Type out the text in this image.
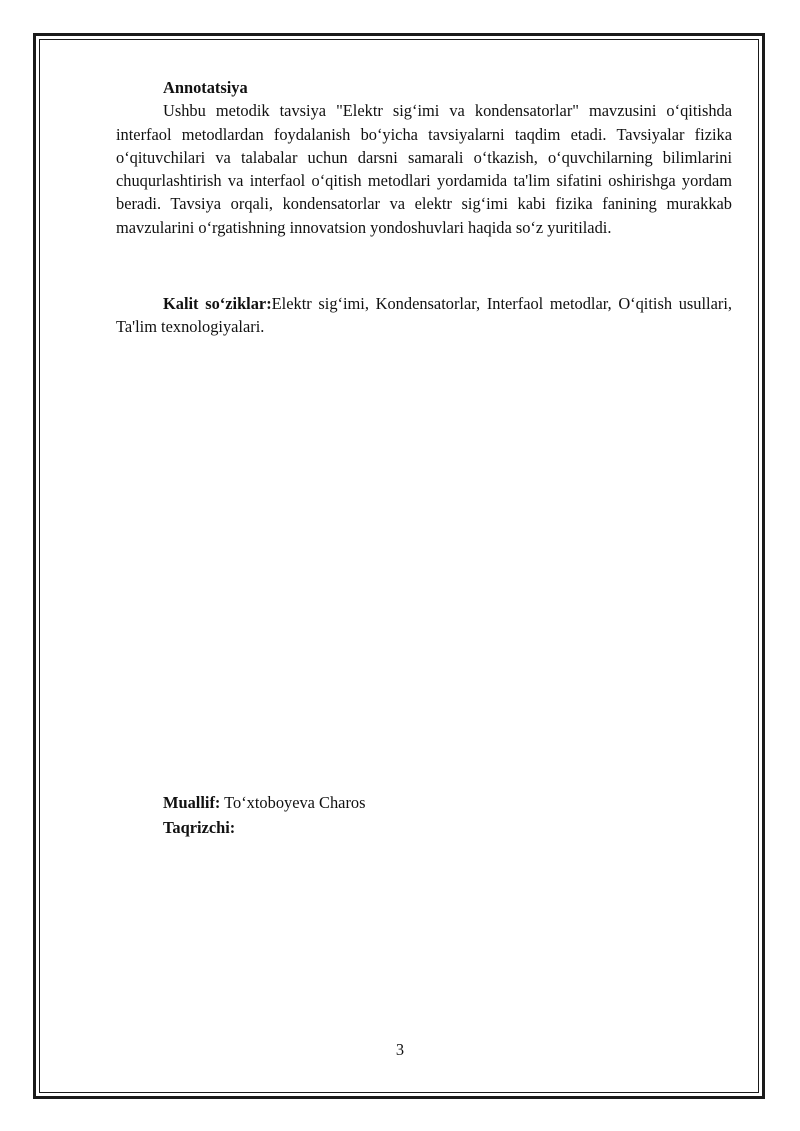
Annotatsiya

Ushbu metodik tavsiya "Elektr sig‘imi va kondensatorlar" mavzusini o‘qitishda interfaol metodlardan foydalanish bo‘yicha tavsiyalarni taqdim etadi. Tavsiyalar fizika o‘qituvchilari va talabalar uchun darsni samarali o‘tkazish, o‘quvchilarning bilimlarini chuqurlashtirish va interfaol o‘qitish metodlari yordamida ta'lim sifatini oshirishga yordam beradi. Tavsiya orqali, kondensatorlar va elektr sig‘imi kabi fizika fanining murakkab mavzularini o‘rgatishning innovatsion yondoshuvlari haqida so‘z yuritiladi.

Kalit so‘ziklar:Elektr sig‘imi, Kondensatorlar, Interfaol metodlar, O‘qitish usullari, Ta'lim texnologiyalari.

Muallif: To‘xtoboyeva Charos

Taqrizchi:

3
